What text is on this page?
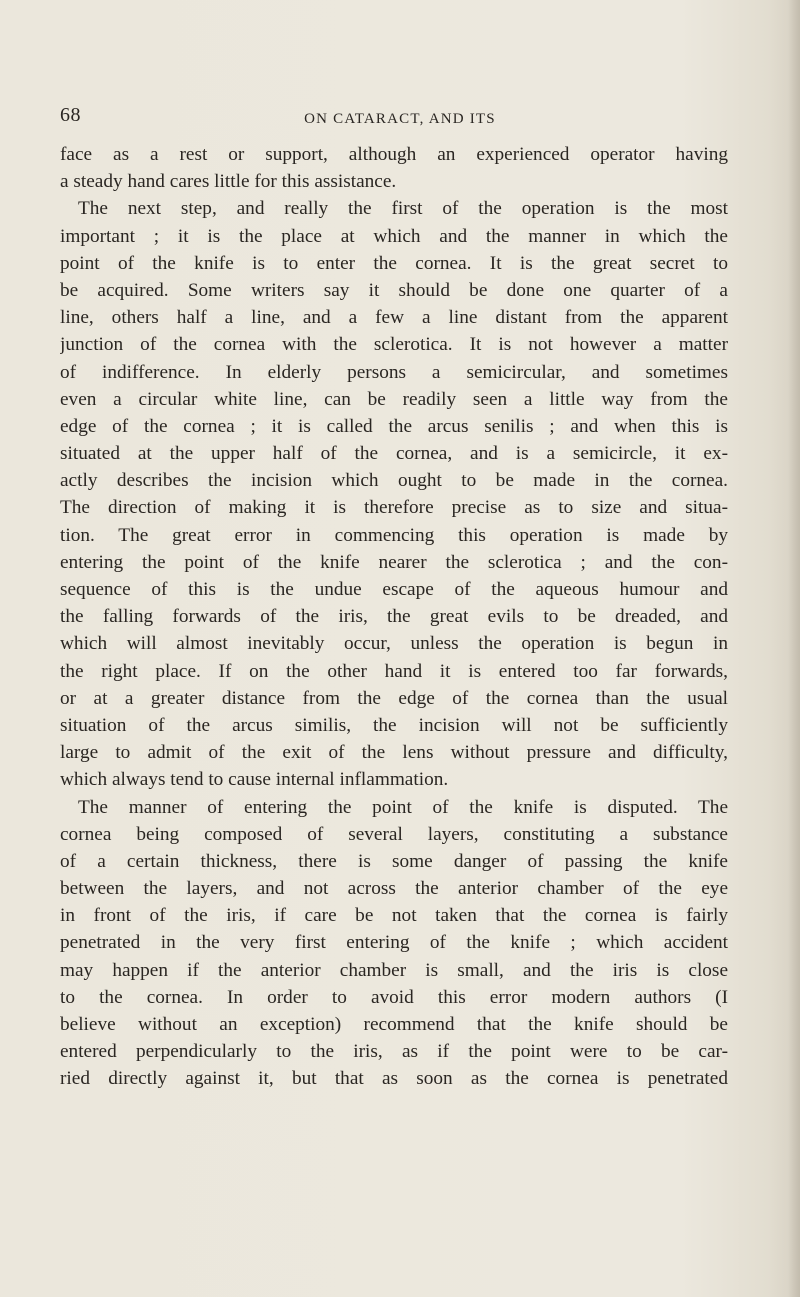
68	ON CATARACT, AND ITS
face as a rest or support, although an experienced operator having
a steady hand cares little for this assistance.
The next step, and really the first of the operation is the most
important ; it is the place at which and the manner in which the
point of the knife is to enter the cornea. It is the great secret to
be acquired. Some writers say it should be done one quarter of a
line, others half a line, and a few a line distant from the apparent
junction of the cornea with the sclerotica. It is not however a matter
of indifference. In elderly persons a semicircular, and sometimes
even a circular white line, can be readily seen a little way from the
edge of the cornea ; it is called the arcus senilis ; and when this is
situated at the upper half of the cornea, and is a semicircle, it ex-
actly describes the incision which ought to be made in the cornea.
The direction of making it is therefore precise as to size and situa-
tion. The great error in commencing this operation is made by
entering the point of the knife nearer the sclerotica ; and the con-
sequence of this is the undue escape of the aqueous humour and
the falling forwards of the iris, the great evils to be dreaded, and
which will almost inevitably occur, unless the operation is begun in
the right place. If on the other hand it is entered too far forwards,
or at a greater distance from the edge of the cornea than the usual
situation of the arcus similis, the incision will not be sufficiently
large to admit of the exit of the lens without pressure and difficulty,
which always tend to cause internal inflammation.
The manner of entering the point of the knife is disputed. The
cornea being composed of several layers, constituting a substance
of a certain thickness, there is some danger of passing the knife
between the layers, and not across the anterior chamber of the eye
in front of the iris, if care be not taken that the cornea is fairly
penetrated in the very first entering of the knife ; which accident
may happen if the anterior chamber is small, and the iris is close
to the cornea. In order to avoid this error modern authors (I
believe without an exception) recommend that the knife should be
entered perpendicularly to the iris, as if the point were to be car-
ried directly against it, but that as soon as the cornea is penetrated
